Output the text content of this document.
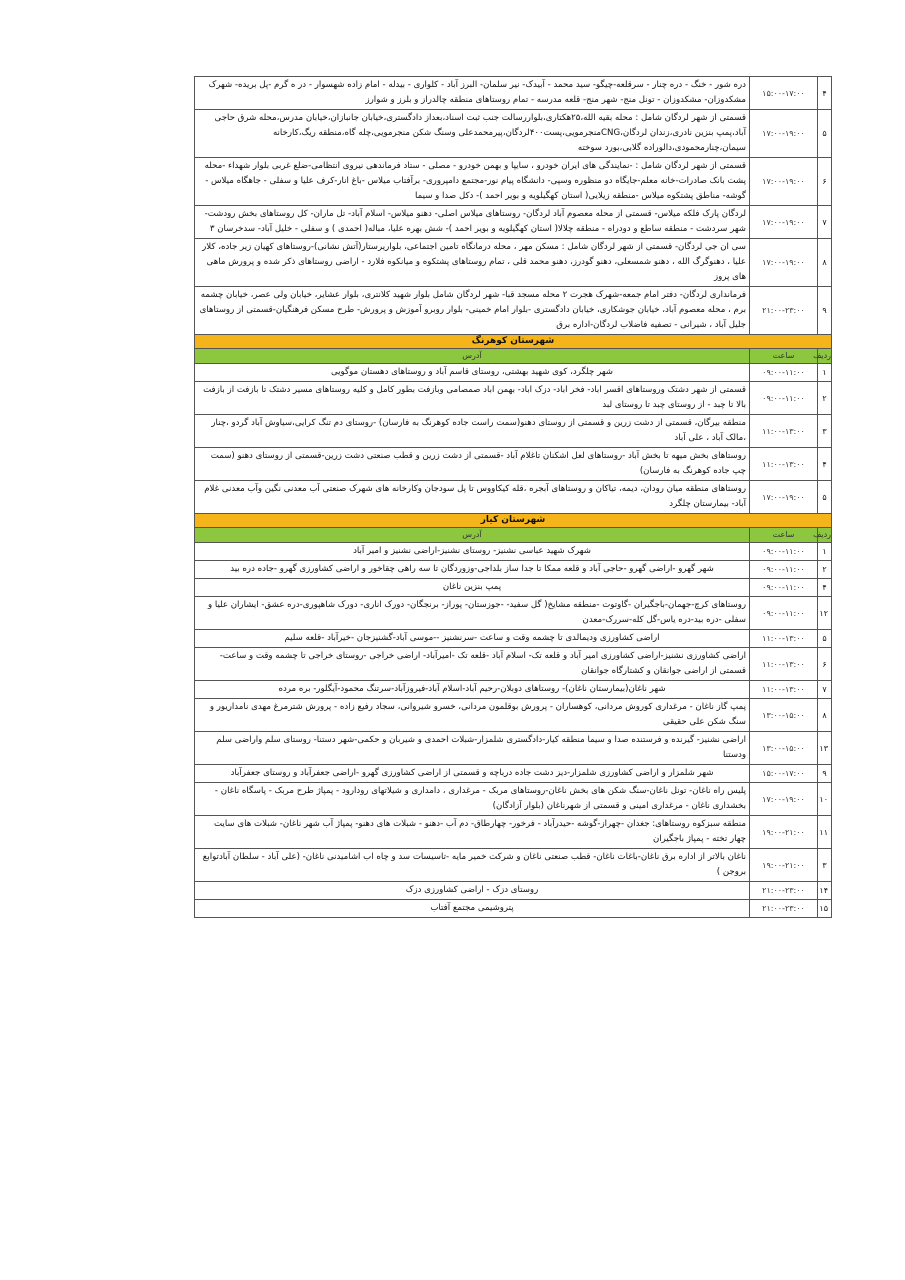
۴	۱۵:۰۰-۱۷:۰۰	دره شور - خنگ - دره چنار - سرقلعه-چیگو- سید محمد - آبیدک- نیر سلمان- البرز آباد - کلواری - بیدله - امام زاده شهسوار - در ه گرم -پل بریده- شهرک مشکدوزان- مشکدوزان - تونل منج- شهر منج- قلعه مدرسه - تمام روستاهای منطقه چالدراز و بلرز و شوارز
۵	۱۷:۰۰-۱۹:۰۰	قسمتی از شهر لردگان شامل : محله بقیه الله،۲۵هکتاری،بلواررسالت جنب ثبت اسناد،بعداز دادگستری،خیابان جانبازان،خیابان مدرس،محله شرق حاجی آباد،پمپ بنزین نادری،زندان لردگان،CNGمنجرمویی،پست۴۰۰لردگان،پیرمحمدعلی وسنگ شکن منجرمویی،چله گاه،منطقه ریگ،کارخانه سیمان،چنارمحمودی،دالوراده گلابی،بورد سوخته
۶	۱۷:۰۰-۱۹:۰۰	قسمتی از شهر لردگان شامل : -نمایندگی های ایران خودرو ، سایپا و بهمن خودرو - مصلی - ستاد فرماندهی نیروی انتظامی-ضلع غربی بلوار شهداء -محله پشت بانک صادرات-خانه معلم-جایگاه دو منظوره وسپی- دانشگاه پیام نور-مجتمع دامپروری- برآفتاب میلاس -باغ انار-کرف علیا و سفلی - جاهگاه میلاس - گوشه- مناطق پشتکوه میلاس -منطقه زیلایی( استان کهگیلویه و بویر احمد )- دکل صدا و سیما
۷	۱۷:۰۰-۱۹:۰۰	لردگان پارک فلکه میلاس- قسمتی از محله معصوم آباد لردگان- روستاهای میلاس اصلی- دهنو میلاس- اسلام آباد- تل ماران- کل روستاهای بخش رودشت- شهر سردشت - منطقه ساطع و دودراه - منطقه چلالا( استان کهگیلویه و بویر احمد )- شش بهره علیا، مباله( احمدی ) و سفلی - خلیل آباد- سدخرسان ۳
۸	۱۷:۰۰-۱۹:۰۰	سی ان جی لردگان- قسمتی از شهر لردگان شامل : مسکن مهر ، محله درمانگاه تامین اجتماعی، بلواریرستار(آتش نشانی)-روستاهای کهیان زیر جاده، کلار علیا ، دهنوگرگ الله ، دهنو شمسعلی، دهنو گودرز، دهنو محمد قلی ، تمام روستاهای پشتکوه و میانکوه فلارد - اراضی روستاهای ذکر شده و پرورش ماهی های پروز
۹	۲۱:۰۰-۲۳:۰۰	فرمانداری لردگان- دفتر امام جمعه-شهرک هجرت ۲ محله مسجد قبا- شهر لردگان شامل بلوار شهید کلانتری، بلوار عشایر، خیابان ولی عصر، خیابان چشمه برم ، محله معصوم آباد، خیابان جوشکاری، خیابان دادگستری -بلوار امام خمینی- بلوار روبرو آموزش و پرورش- طرح مسکن فرهنگیان-قسمتی از روستاهای جلیل آباد ، شیرانی - تصفیه فاضلاب لردگان-اداره برق
شهرستان کوهرنگ		
ردیف	ساعت	آدرس
۱	۰۹:۰۰-۱۱:۰۰	شهر چلگرد، کوی شهید بهشتی، روستای قاسم آباد و روستاهای دهستان موگویی
۲	۰۹:۰۰-۱۱:۰۰	قسمتی از شهر دشتک وروستاهای اقسر اباد- فخر اباد- دزک اباد- بهمن اباد صمصامی وبازفت بطور کامل و کلیه روستاهای مسیر دشتک تا بازفت از بازفت بالا تا چبد - از روستای چبد تا روستای لبد
۳	۱۱:۰۰-۱۳:۰۰	منطقه بیرگان، قسمتی از دشت زرین و قسمتی از روستای دهنو(سمت راست جاده کوهرنگ به فارسان) -روستای دم تنگ کرایی،سیاوش آباد گردو ،چنار ،مالک آباد ، علی آباد
۴	۱۱:۰۰-۱۳:۰۰	روستاهای بخش میهه تا بخش آباد -روستاهای لعل اشکنان تاغلام آباد -قسمتی از دشت زرین و قطب صنعتی دشت زرین-قسمتی از روستای دهنو (سمت چپ جاده کوهرنگ به فارسان)
۵	۱۷:۰۰-۱۹:۰۰	روستاهای منطقه میان رودان، دیمه، تیاکان و روستاهای آبجره ،قله کیکاووس تا پل سودجان وکارخانه های شهرک صنعتی آب معدنی نگین وآب معدنی غلام آباد- بیمارستان چلگرد
شهرستان کیار		
ردیف	ساعت	آدرس
۱	۰۹:۰۰-۱۱:۰۰	شهرک شهید عباسی نشنیز- روستای نشنیز-اراضی نشنیز و امیر آباد
۲	۰۹:۰۰-۱۱:۰۰	شهر گهرو -اراضی گهرو -حاجی آباد و قلعه ممکا تا جدا ساز بلداجی-وزوردگان تا سه راهی چقاخور و اراضی کشاورزی گهرو -جاده دره بید
۴	۰۹:۰۰-۱۱:۰۰	پمپ بنزین ناغان
۱۲	۰۹:۰۰-۱۱:۰۰	روستاهای کرچ-جهمان-باجگیران -گاوتوت -منطقه مشایخ( گل سفید- -جوزستان- پوراز- برنجگان- دورک اناری- دورک شاهپوری-دره عشق- ایشاران علیا و سفلی -دره بید-دره یاس-گل کله-سررک-معدن
۵	۱۱:۰۰-۱۳:۰۰	اراضی کشاورزی ودیمالدی تا چشمه وقت و ساعت -سرنشنیز --موسی آباد-گشنیزجان -خیرآباد -قلعه سلیم
۶	۱۱:۰۰-۱۳:۰۰	اراضی کشاورزی نشنیز-اراضی کشاورزی امیر آباد و قلعه تک- اسلام آباد -قلعه تک -امیرآباد- اراضی خراجی -روستای خراجی تا چشمه وقت و ساعت- قسمتی از اراضی جوانقان و کشتارگاه جوانقان
۷	۱۱:۰۰-۱۳:۰۰	شهر ناغان(بیمارستان ناغان)- روستاهای دوبلان-رحیم آباد-اسلام آباد-فیروزآباد-سرتنگ محمود-آیگلور- بره مرده
۸	۱۳:۰۰-۱۵:۰۰	پمپ گاز ناغان - مرغداری کوروش مردانی، کوهساران - پرورش بوقلمون مردانی، خسرو شیروانی، سجاد رفیع زاده - پرورش شترمرغ مهدی نامداریور و سنگ شکن علی حقیقی
۱۳	۱۳:۰۰-۱۵:۰۰	اراضی نشنیز- گیرنده و فرستنده صدا و سیما منطقه کیار-دادگستری شلمزار-شبلات احمدی و شیربان و حکمی-شهر دستنا- روستای سلم واراضی سلم ودستنا
۹	۱۵:۰۰-۱۷:۰۰	شهر شلمزار و اراضی کشاورزی شلمزار-دیز دشت جاده درباچه و قسمتی از اراضی کشاورزی گهرو -اراضی جعفرآباد و روستای جعفرآباد
۱۰	۱۷:۰۰-۱۹:۰۰	پلیس راه ناغان- تونل ناغان-سنگ شکن های بخش ناغان-روستاهای مربک - مرغداری ، دامداری و شیلاتهای رودارود - پمپاژ طرح مربک - پاسگاه ناغان - بخشداری ناغان - مرغداری امینی و قسمتی از شهرناغان (بلوار آزادگان)
۱۱	۱۹:۰۰-۲۱:۰۰	منطقه سبزکوه روستاهای: جغدان -چهراز-گوشه -حیدرآباد - فرخور- چهارطاق- دم آب -دهنو - شبلات های دهنو- پمپاژ آب شهر ناغان- شبلات های سایت چهار تخته - پمپاژ باجگیران
۳	۱۹:۰۰-۲۱:۰۰	ناغان بالاتر از اداره برق ناغان-باغات ناغان- قطب صنعتی ناغان و شرکت خمیر مایه -تاسیسات سد و چاه اب اشامیدنی ناغان- (علی آباد - سلطان آبادتوابع بروجن )
۱۴	۲۱:۰۰-۲۳:۰۰	روستای دزک - اراضی کشاورزی دزک
۱۵	۲۱:۰۰-۲۳:۰۰	پتروشیمی مجتمع آفتاب
